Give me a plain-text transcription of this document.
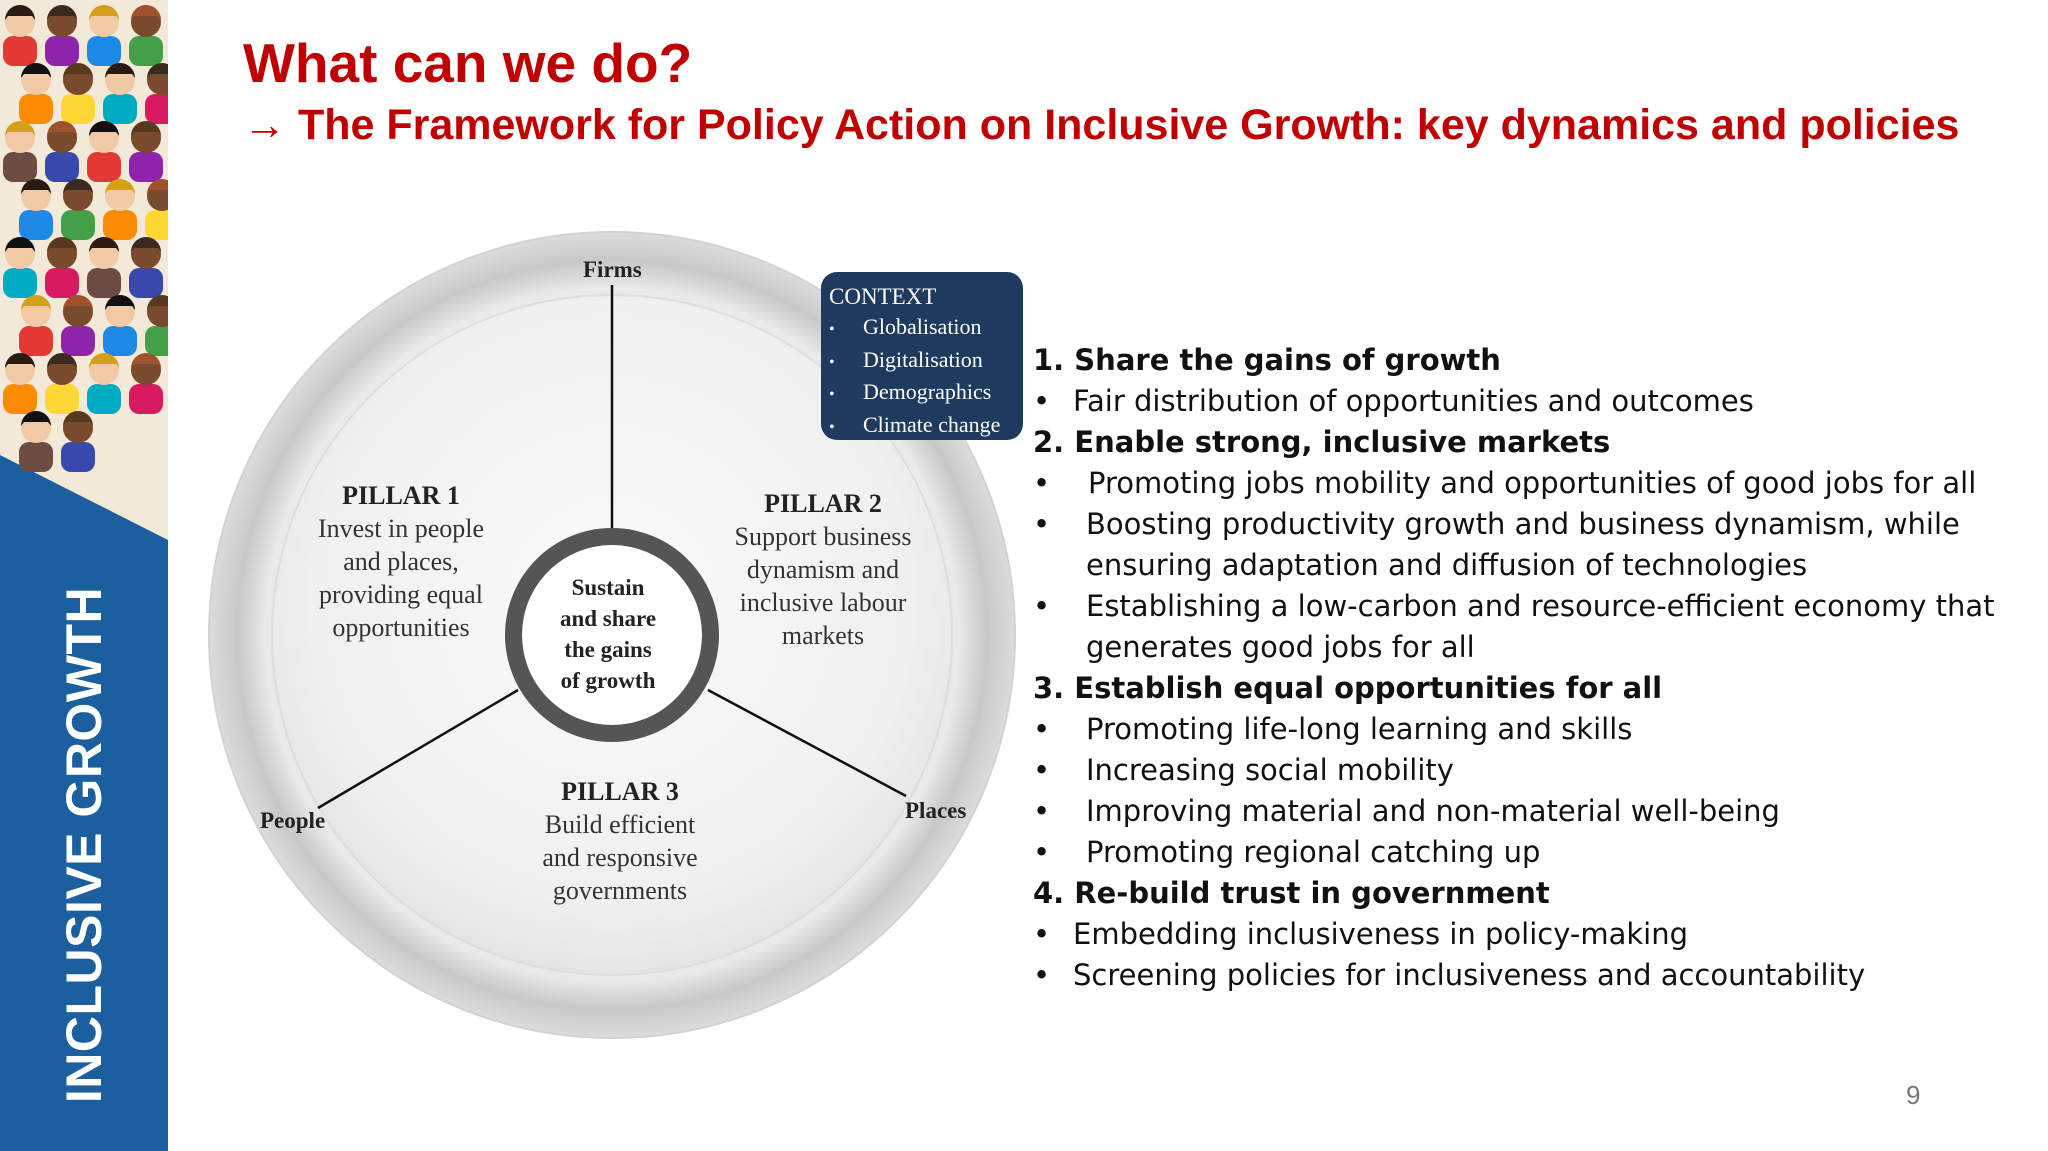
INCLUSIVE GROWTH
What can we do?
→ The Framework for Policy Action on Inclusive Growth: key dynamics and policies
Firms
People	Places
PILLAR 1
Invest in people
and places,
providing equal
opportunities
PILLAR 2
Support business
dynamism and
inclusive labour
markets
PILLAR 3
Build efficient
and responsive
governments
Sustain
and share
the gains
of growth
CONTEXT
• Globalisation
• Digitalisation
• Demographics
• Climate change
1. Share the gains of growth
• Fair distribution of opportunities and outcomes
2. Enable strong, inclusive markets
• Promoting jobs mobility and opportunities of good jobs for all
• Boosting productivity growth and business dynamism, while ensuring adaptation and diffusion of technologies
• Establishing a low-carbon and resource-efficient economy that generates good jobs for all
3. Establish equal opportunities for all
• Promoting life-long learning and skills
• Increasing social mobility
• Improving material and non-material well-being
• Promoting regional catching up
4. Re-build trust in government
• Embedding inclusiveness in policy-making
• Screening policies for inclusiveness and accountability
9
